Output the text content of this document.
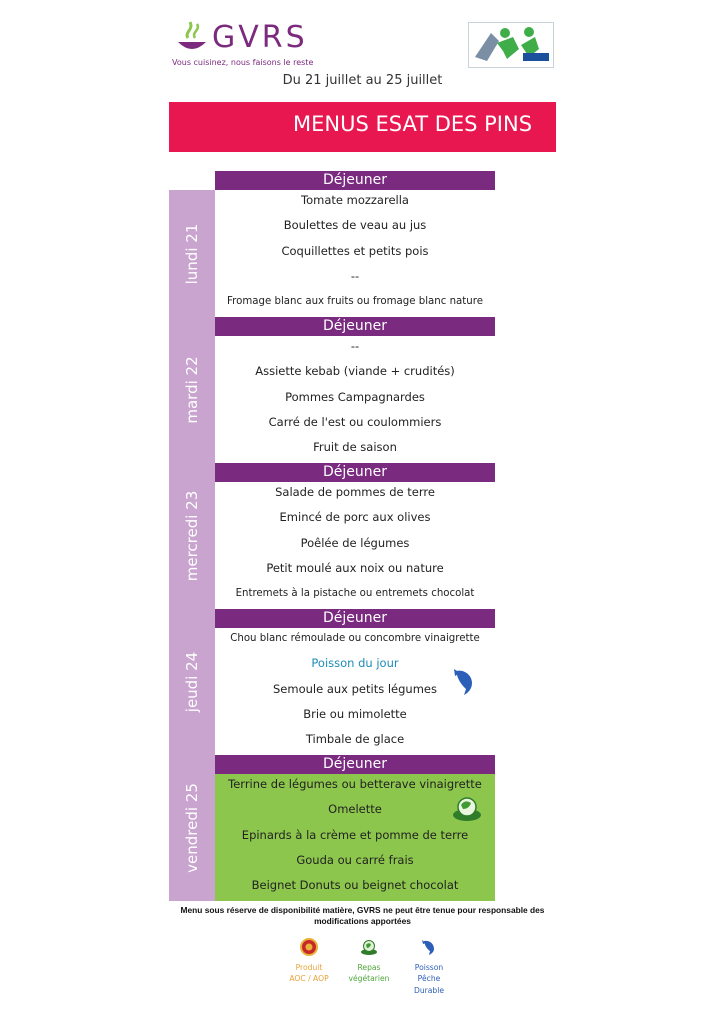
GVRS
Vous cuisinez, nous faisons le reste
Du 21 juillet au 25 juillet
MENUS ESAT DES PINS
lundi 21
Déjeuner
Tomate mozzarella
Boulettes de veau au jus
Coquillettes et petits pois
--
Fromage blanc aux fruits ou fromage blanc nature
mardi 22
Déjeuner
--
Assiette kebab (viande + crudités)
Pommes Campagnardes
Carré de l'est ou coulommiers
Fruit de saison
mercredi 23
Déjeuner
Salade de pommes de terre
Emincé de porc aux olives
Poêlée de légumes
Petit moulé aux noix ou nature
Entremets à la pistache ou entremets chocolat
jeudi 24
Déjeuner
Chou blanc rémoulade ou concombre vinaigrette
Poisson du jour
Semoule aux petits légumes
Brie ou mimolette
Timbale de glace
vendredi 25
Déjeuner
Terrine de légumes ou betterave vinaigrette
Omelette
Epinards à la crème et pomme de terre
Gouda ou carré frais
Beignet Donuts ou beignet chocolat
Menu sous réserve de disponibilité matière, GVRS ne peut être tenue pour responsable des modifications apportées
Produit
AOC / AOP
Repas
végétarien
Poisson
Pêche
Durable
